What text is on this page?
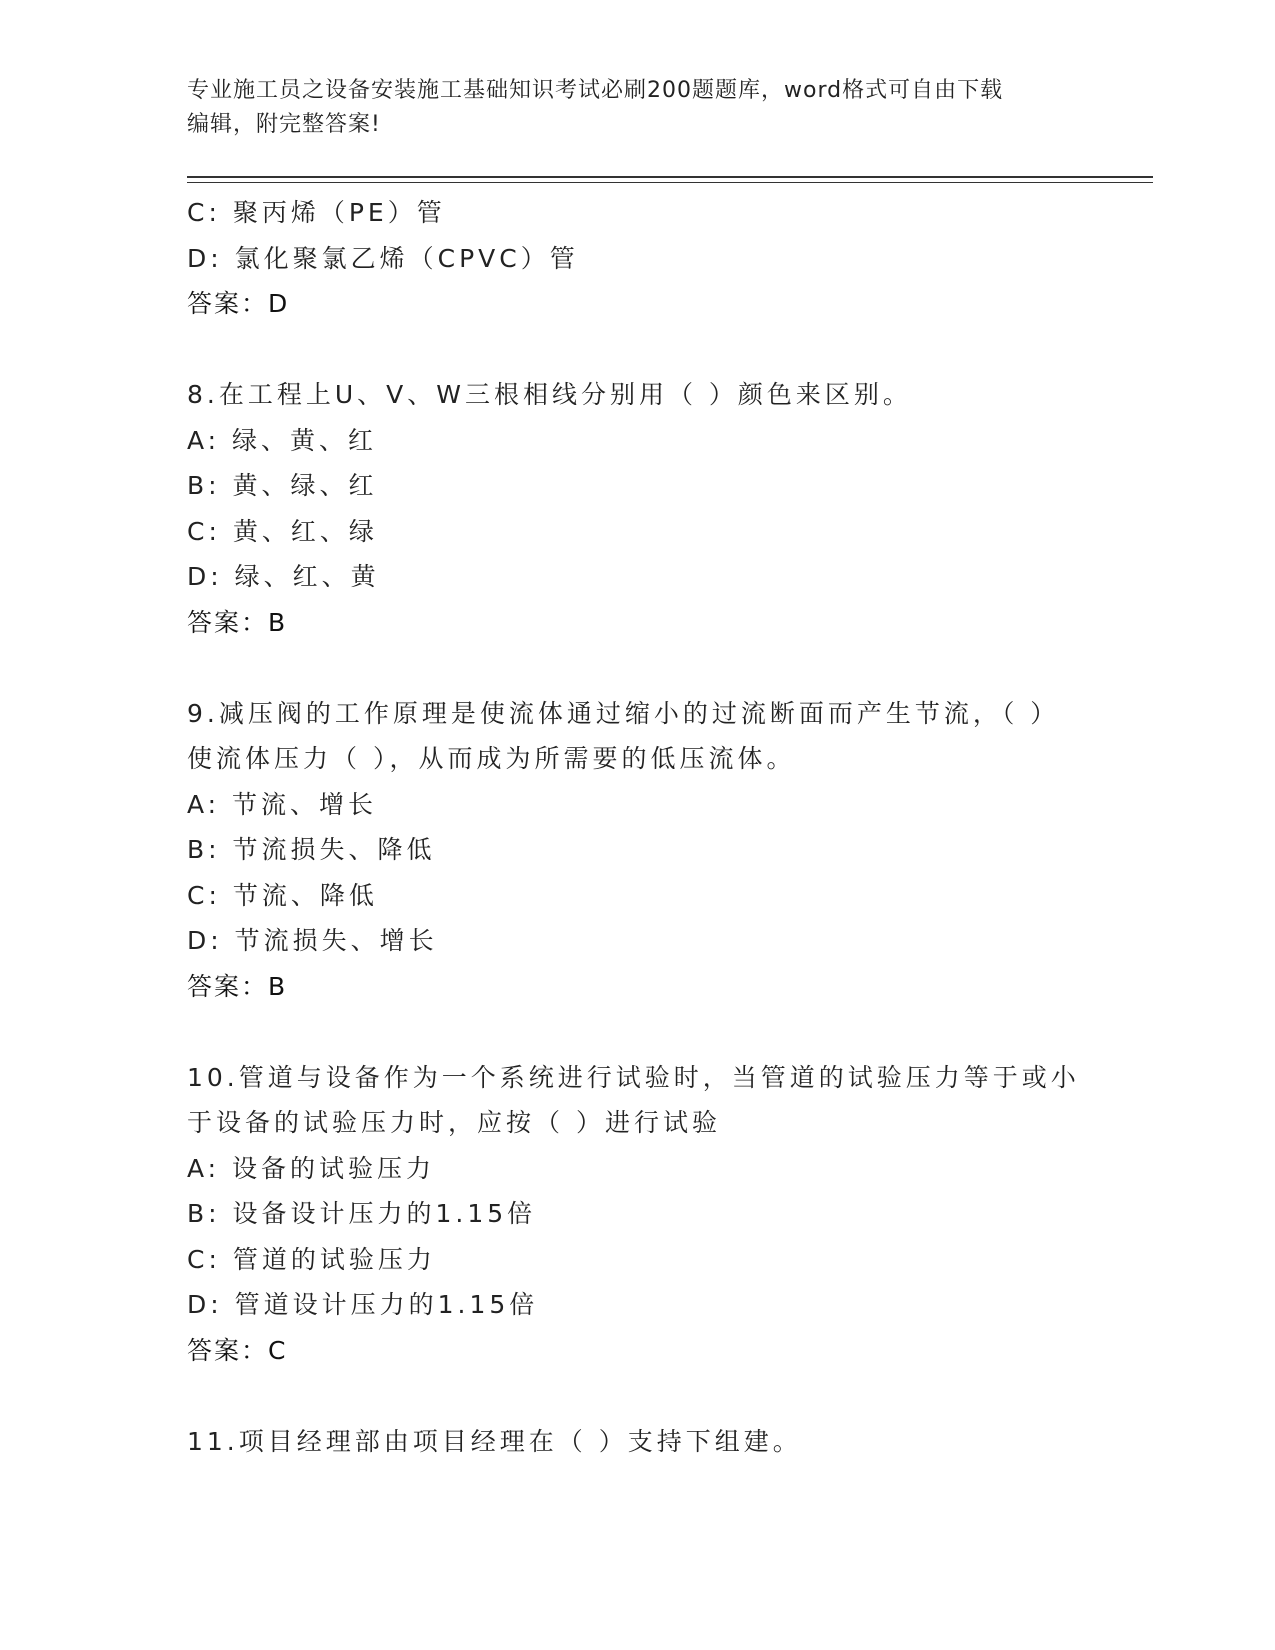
专业施工员之设备安装施工基础知识考试必刷200题题库，word格式可自由下载
编辑，附完整答案!
C: 聚丙烯（PE）管
D: 氯化聚氯乙烯（CPVC）管
答案：D
8.在工程上U、V、W三根相线分别用（ ）颜色来区别。
A: 绿、黄、红
B: 黄、绿、红
C: 黄、红、绿
D: 绿、红、黄
答案：B
9.减压阀的工作原理是使流体通过缩小的过流断面而产生节流，（ ）
使流体压力（ ），从而成为所需要的低压流体。
A: 节流、增长
B: 节流损失、降低
C: 节流、降低
D: 节流损失、增长
答案：B
10.管道与设备作为一个系统进行试验时，当管道的试验压力等于或小
于设备的试验压力时，应按（ ）进行试验
A: 设备的试验压力
B: 设备设计压力的1.15倍
C: 管道的试验压力
D: 管道设计压力的1.15倍
答案：C
11.项目经理部由项目经理在（ ）支持下组建。
